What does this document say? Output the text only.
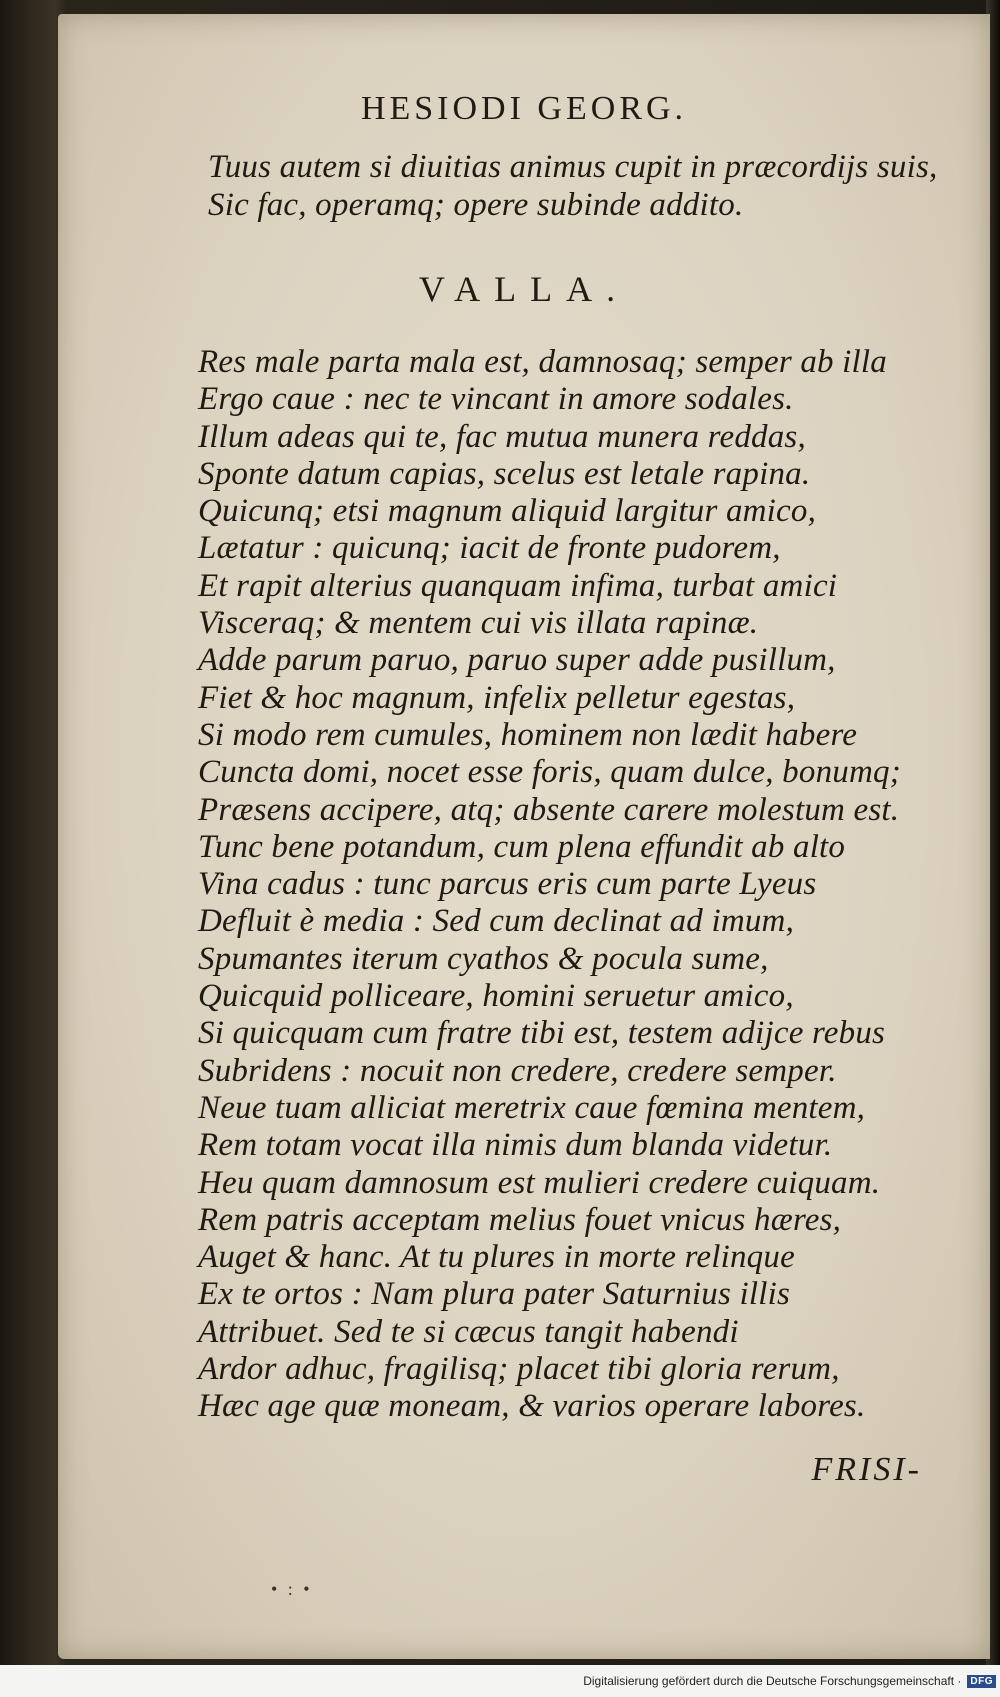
HESIODI GEORG.
Tuus autem si diuitias animus cupit in præcordijs suis,
Sic fac, operamq; opere subinde addito.
VALLA.
Res male parta mala est, damnosaq; semper ab illa
Ergo caue : nec te vincant in amore sodales.
Illum adeas qui te, fac mutua munera reddas,
Sponte datum capias, scelus est letale rapina.
Quicunq; etsi magnum aliquid largitur amico,
Lætatur : quicunq; iacit de fronte pudorem,
Et rapit alterius quanquam infima, turbat amici
Visceraq; & mentem cui vis illata rapinæ.
Adde parum paruo, paruo super adde pusillum,
Fiet & hoc magnum, infelix pelletur egestas,
Si modo rem cumules, hominem non lædit habere
Cuncta domi, nocet esse foris, quam dulce, bonumq;
Præsens accipere, atq; absente carere molestum est.
Tunc bene potandum, cum plena effundit ab alto
Vina cadus : tunc parcus eris cum parte Lyeus
Defluit è media : Sed cum declinat ad imum,
Spumantes iterum cyathos & pocula sume,
Quicquid polliceare, homini seruetur amico,
Si quicquam cum fratre tibi est, testem adijce rebus
Subridens : nocuit non credere, credere semper.
Neue tuam alliciat meretrix caue fœmina mentem,
Rem totam vocat illa nimis dum blanda videtur.
Heu quam damnosum est mulieri credere cuiquam.
Rem patris acceptam melius fouet vnicus hæres,
Auget & hanc. At tu plures in morte relinque
Ex te ortos : Nam plura pater Saturnius illis
Attribuet. Sed te si cæcus tangit habendi
Ardor adhuc, fragilisq; placet tibi gloria rerum,
Hæc age quæ moneam, & varios operare labores.
FRISI-
• : •
Digitalisierung gefördert durch die Deutsche Forschungsgemeinschaft · DFG
